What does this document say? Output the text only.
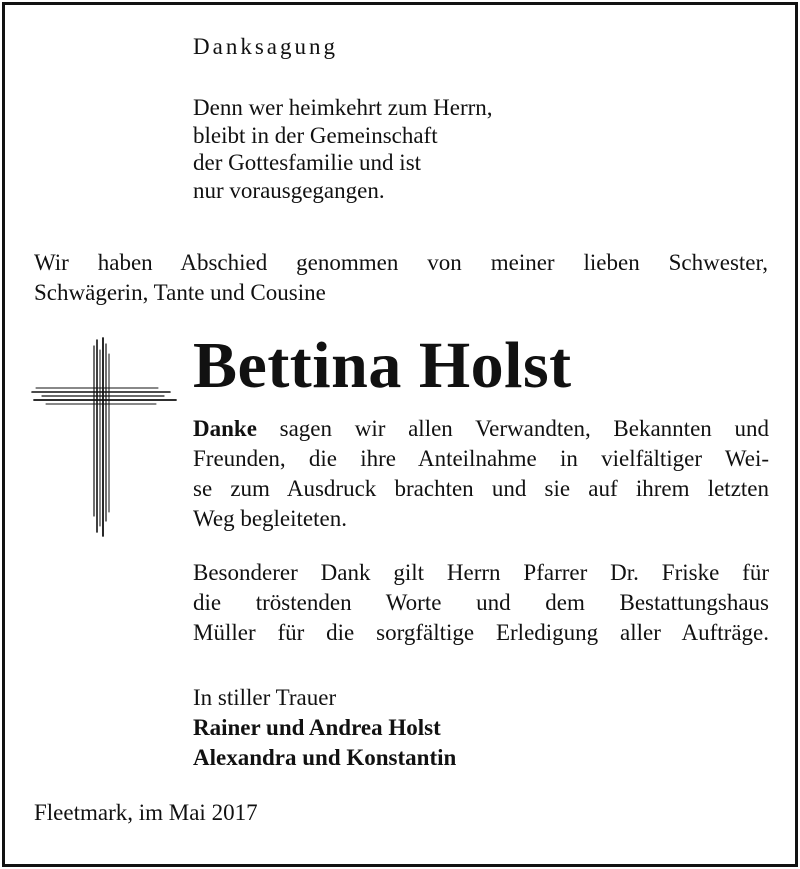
Danksagung
Denn wer heimkehrt zum Herrn,
bleibt in der Gemeinschaft
der Gottesfamilie und ist
nur vorausgegangen.
Wir haben Abschied genommen von meiner lieben Schwester,
Schwägerin, Tante und Cousine
Bettina Holst
Danke sagen wir allen Verwandten, Bekannten und
Freunden, die ihre Anteilnahme in vielfältiger Wei-
se zum Ausdruck brachten und sie auf ihrem letzten
Weg begleiteten.
Besonderer Dank gilt Herrn Pfarrer Dr. Friske für
die tröstenden Worte und dem Bestattungshaus
Müller für die sorgfältige Erledigung aller Aufträge.
In stiller Trauer
Rainer und Andrea Holst
Alexandra und Konstantin
Fleetmark, im Mai 2017
